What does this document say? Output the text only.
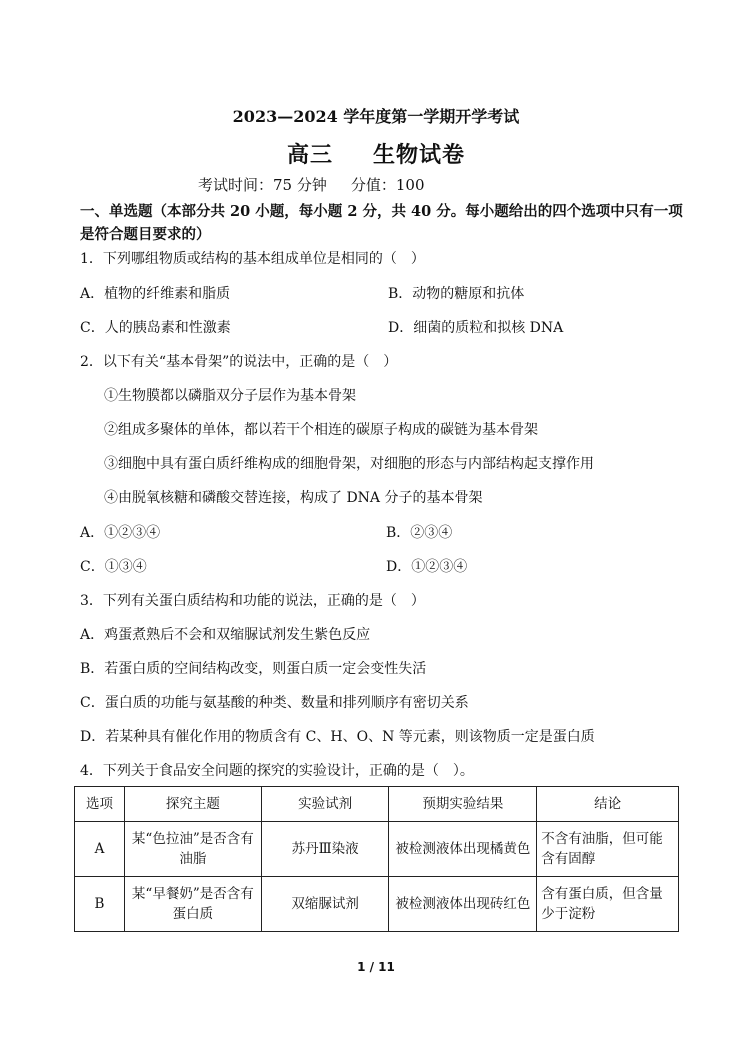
2023—2024 学年度第一学期开学考试
高三 生物试卷
考试时间：75 分钟 分值：100
一、单选题（本部分共 20 小题，每小题 2 分，共 40 分。每小题给出的四个选项中只有一项是符合题目要求的）
1．下列哪组物质或结构的基本组成单位是相同的（　）
A．植物的纤维素和脂质	B．动物的糖原和抗体
C．人的胰岛素和性激素	D．细菌的质粒和拟核 DNA
2．以下有关“基本骨架”的说法中，正确的是（　）
①生物膜都以磷脂双分子层作为基本骨架
②组成多聚体的单体，都以若干个相连的碳原子构成的碳链为基本骨架
③细胞中具有蛋白质纤维构成的细胞骨架，对细胞的形态与内部结构起支撑作用
④由脱氧核糖和磷酸交替连接，构成了 DNA 分子的基本骨架
A．①②③④	B．②③④
C．①③④	D．①②③④
3．下列有关蛋白质结构和功能的说法，正确的是（　）
A．鸡蛋煮熟后不会和双缩脲试剂发生紫色反应
B．若蛋白质的空间结构改变，则蛋白质一定会变性失活
C．蛋白质的功能与氨基酸的种类、数量和排列顺序有密切关系
D．若某种具有催化作用的物质含有 C、H、O、N 等元素，则该物质一定是蛋白质
4．下列关于食品安全问题的探究的实验设计，正确的是（　）。
选项	探究主题	实验试剂	预期实验结果	结论
A	某“色拉油”是否含有油脂	苏丹Ⅲ染液	被检测液体出现橘黄色	不含有油脂，但可能含有固醇
B	某“早餐奶”是否含有蛋白质	双缩脲试剂	被检测液体出现砖红色	含有蛋白质，但含量少于淀粉
1 / 11
